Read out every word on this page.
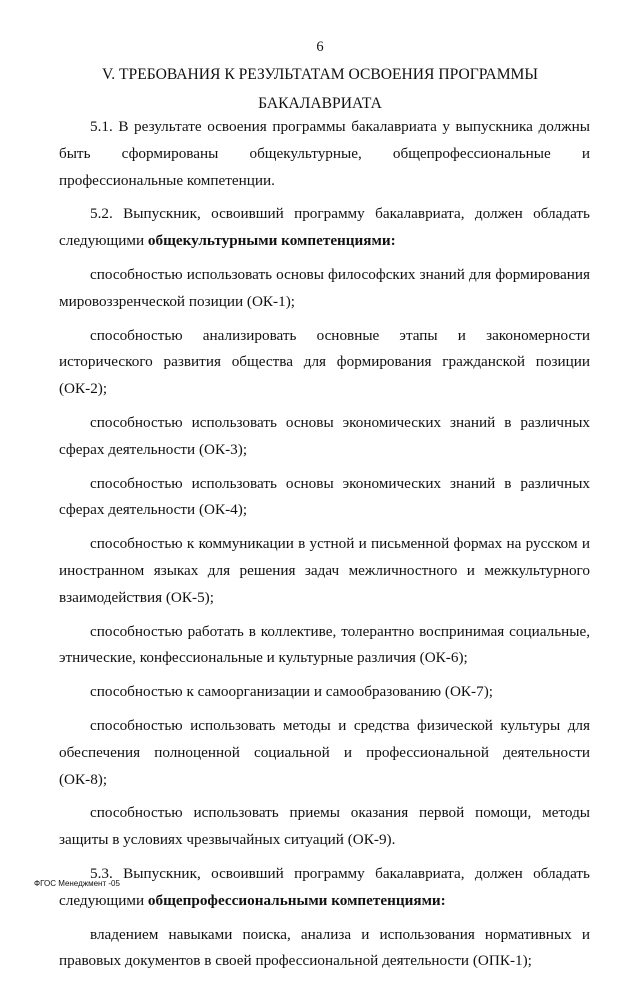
6
V. ТРЕБОВАНИЯ К РЕЗУЛЬТАТАМ ОСВОЕНИЯ ПРОГРАММЫ
БАКАЛАВРИАТА

5.1. В результате освоения программы бакалавриата у выпускника должны быть сформированы общекультурные, общепрофессиональные и профессиональные компетенции.

5.2. Выпускник, освоивший программу бакалавриата, должен обладать следующими общекультурными компетенциями:

способностью использовать основы философских знаний для формирования мировоззренческой позиции (ОК-1);

способностью анализировать основные этапы и закономерности исторического развития общества для формирования гражданской позиции (ОК-2);

способностью использовать основы экономических знаний в различных сферах деятельности (ОК-3);

способностью использовать основы экономических знаний в различных сферах деятельности (ОК-4);

способностью к коммуникации в устной и письменной формах на русском и иностранном языках для решения задач межличностного и межкультурного взаимодействия (ОК-5);

способностью работать в коллективе, толерантно воспринимая социальные, этнические, конфессиональные и культурные различия (ОК-6);

способностью к самоорганизации и самообразованию (ОК-7);

способностью использовать методы и средства физической культуры для обеспечения полноценной социальной и профессиональной деятельности (ОК-8);

способностью использовать приемы оказания первой помощи, методы защиты в условиях чрезвычайных ситуаций (ОК-9).

5.3. Выпускник, освоивший программу бакалавриата, должен обладать следующими общепрофессиональными компетенциями:

владением навыками поиска, анализа и использования нормативных и правовых документов в своей профессиональной деятельности (ОПК-1);

ФГОС Менеджмент -05
